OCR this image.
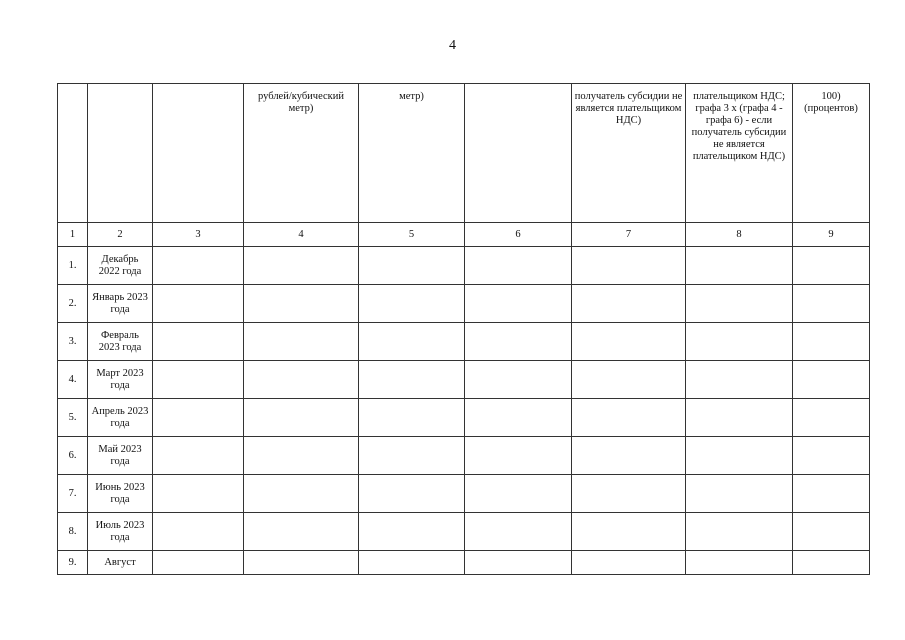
4
			рублей/кубический метр)	метр)		получатель субсидии не является плательщиком НДС)	плательщиком НДС; графа 3 х (графа 4 - графа 6) - если получатель субсидии не является плательщиком НДС)	100) (процентов)
1	2	3	4	5	6	7	8	9
1.	Декабрь 2022 года							
2.	Январь 2023 года							
3.	Февраль 2023 года							
4.	Март 2023 года							
5.	Апрель 2023 года							
6.	Май 2023 года							
7.	Июнь 2023 года							
8.	Июль 2023 года							
9.	Август							
